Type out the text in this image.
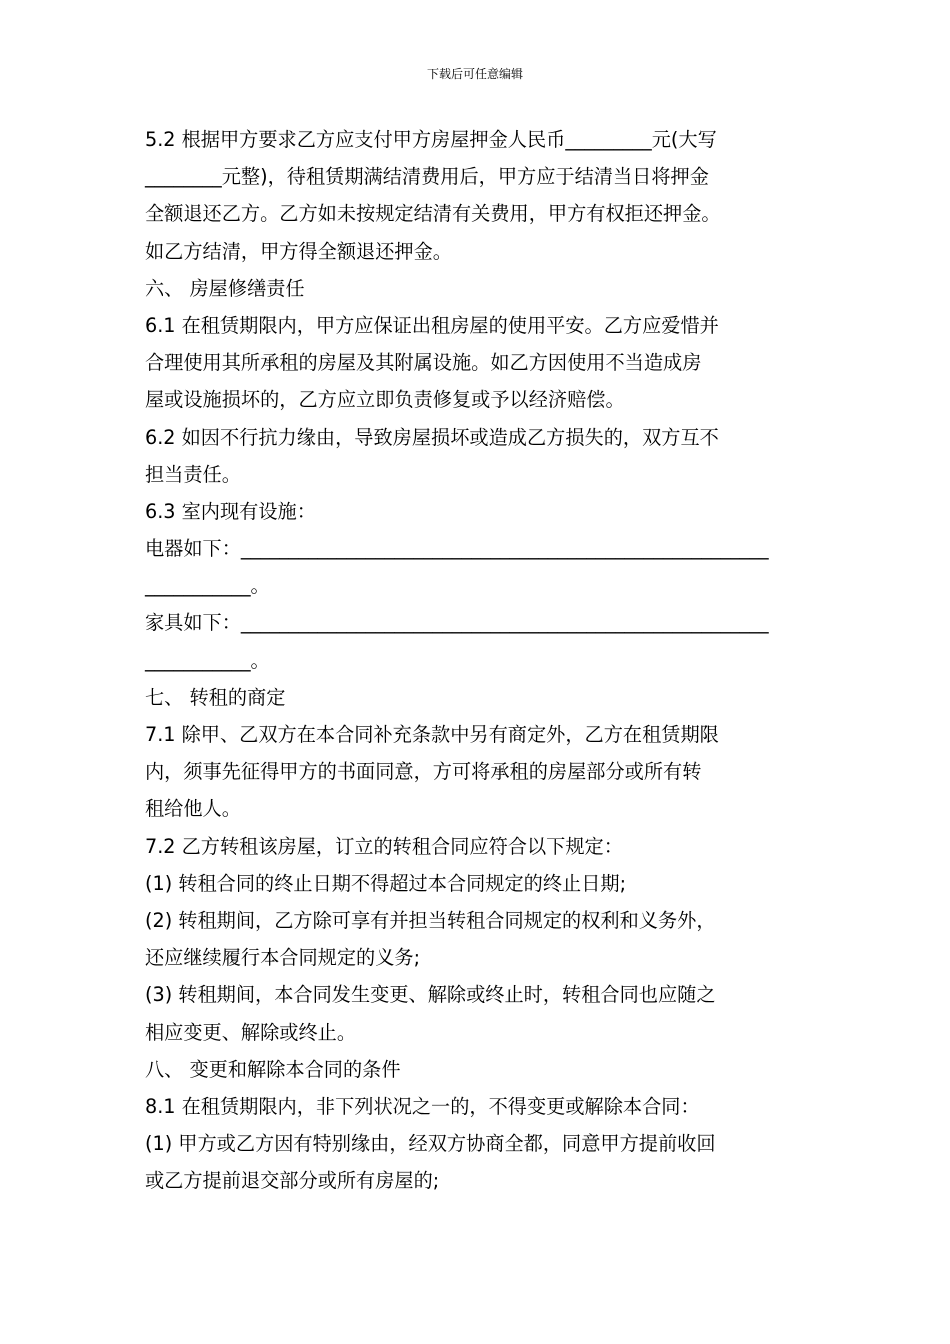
下载后可任意编辑
5.2 根据甲方要求乙方应支付甲方房屋押金人民币_________元(大写
________元整)，待租赁期满结清费用后，甲方应于结清当日将押金
全额退还乙方。乙方如未按规定结清有关费用，甲方有权拒还押金。
如乙方结清，甲方得全额退还押金。
六、 房屋修缮责任
6.1 在租赁期限内，甲方应保证出租房屋的使用平安。乙方应爱惜并
合理使用其所承租的房屋及其附属设施。如乙方因使用不当造成房
屋或设施损坏的，乙方应立即负责修复或予以经济赔偿。
6.2 如因不行抗力缘由，导致房屋损坏或造成乙方损失的，双方互不
担当责任。
6.3 室内现有设施：
电器如下：_______________________________________________________
___________。
家具如下：_______________________________________________________
___________。
七、 转租的商定
7.1 除甲、乙双方在本合同补充条款中另有商定外，乙方在租赁期限
内，须事先征得甲方的书面同意，方可将承租的房屋部分或所有转
租给他人。
7.2 乙方转租该房屋，订立的转租合同应符合以下规定：
(1) 转租合同的终止日期不得超过本合同规定的终止日期;
(2) 转租期间，乙方除可享有并担当转租合同规定的权利和义务外，
还应继续履行本合同规定的义务;
(3) 转租期间，本合同发生变更、解除或终止时，转租合同也应随之
相应变更、解除或终止。
八、 变更和解除本合同的条件
8.1 在租赁期限内，非下列状况之一的，不得变更或解除本合同：
(1) 甲方或乙方因有特别缘由，经双方协商全都，同意甲方提前收回
或乙方提前退交部分或所有房屋的;
